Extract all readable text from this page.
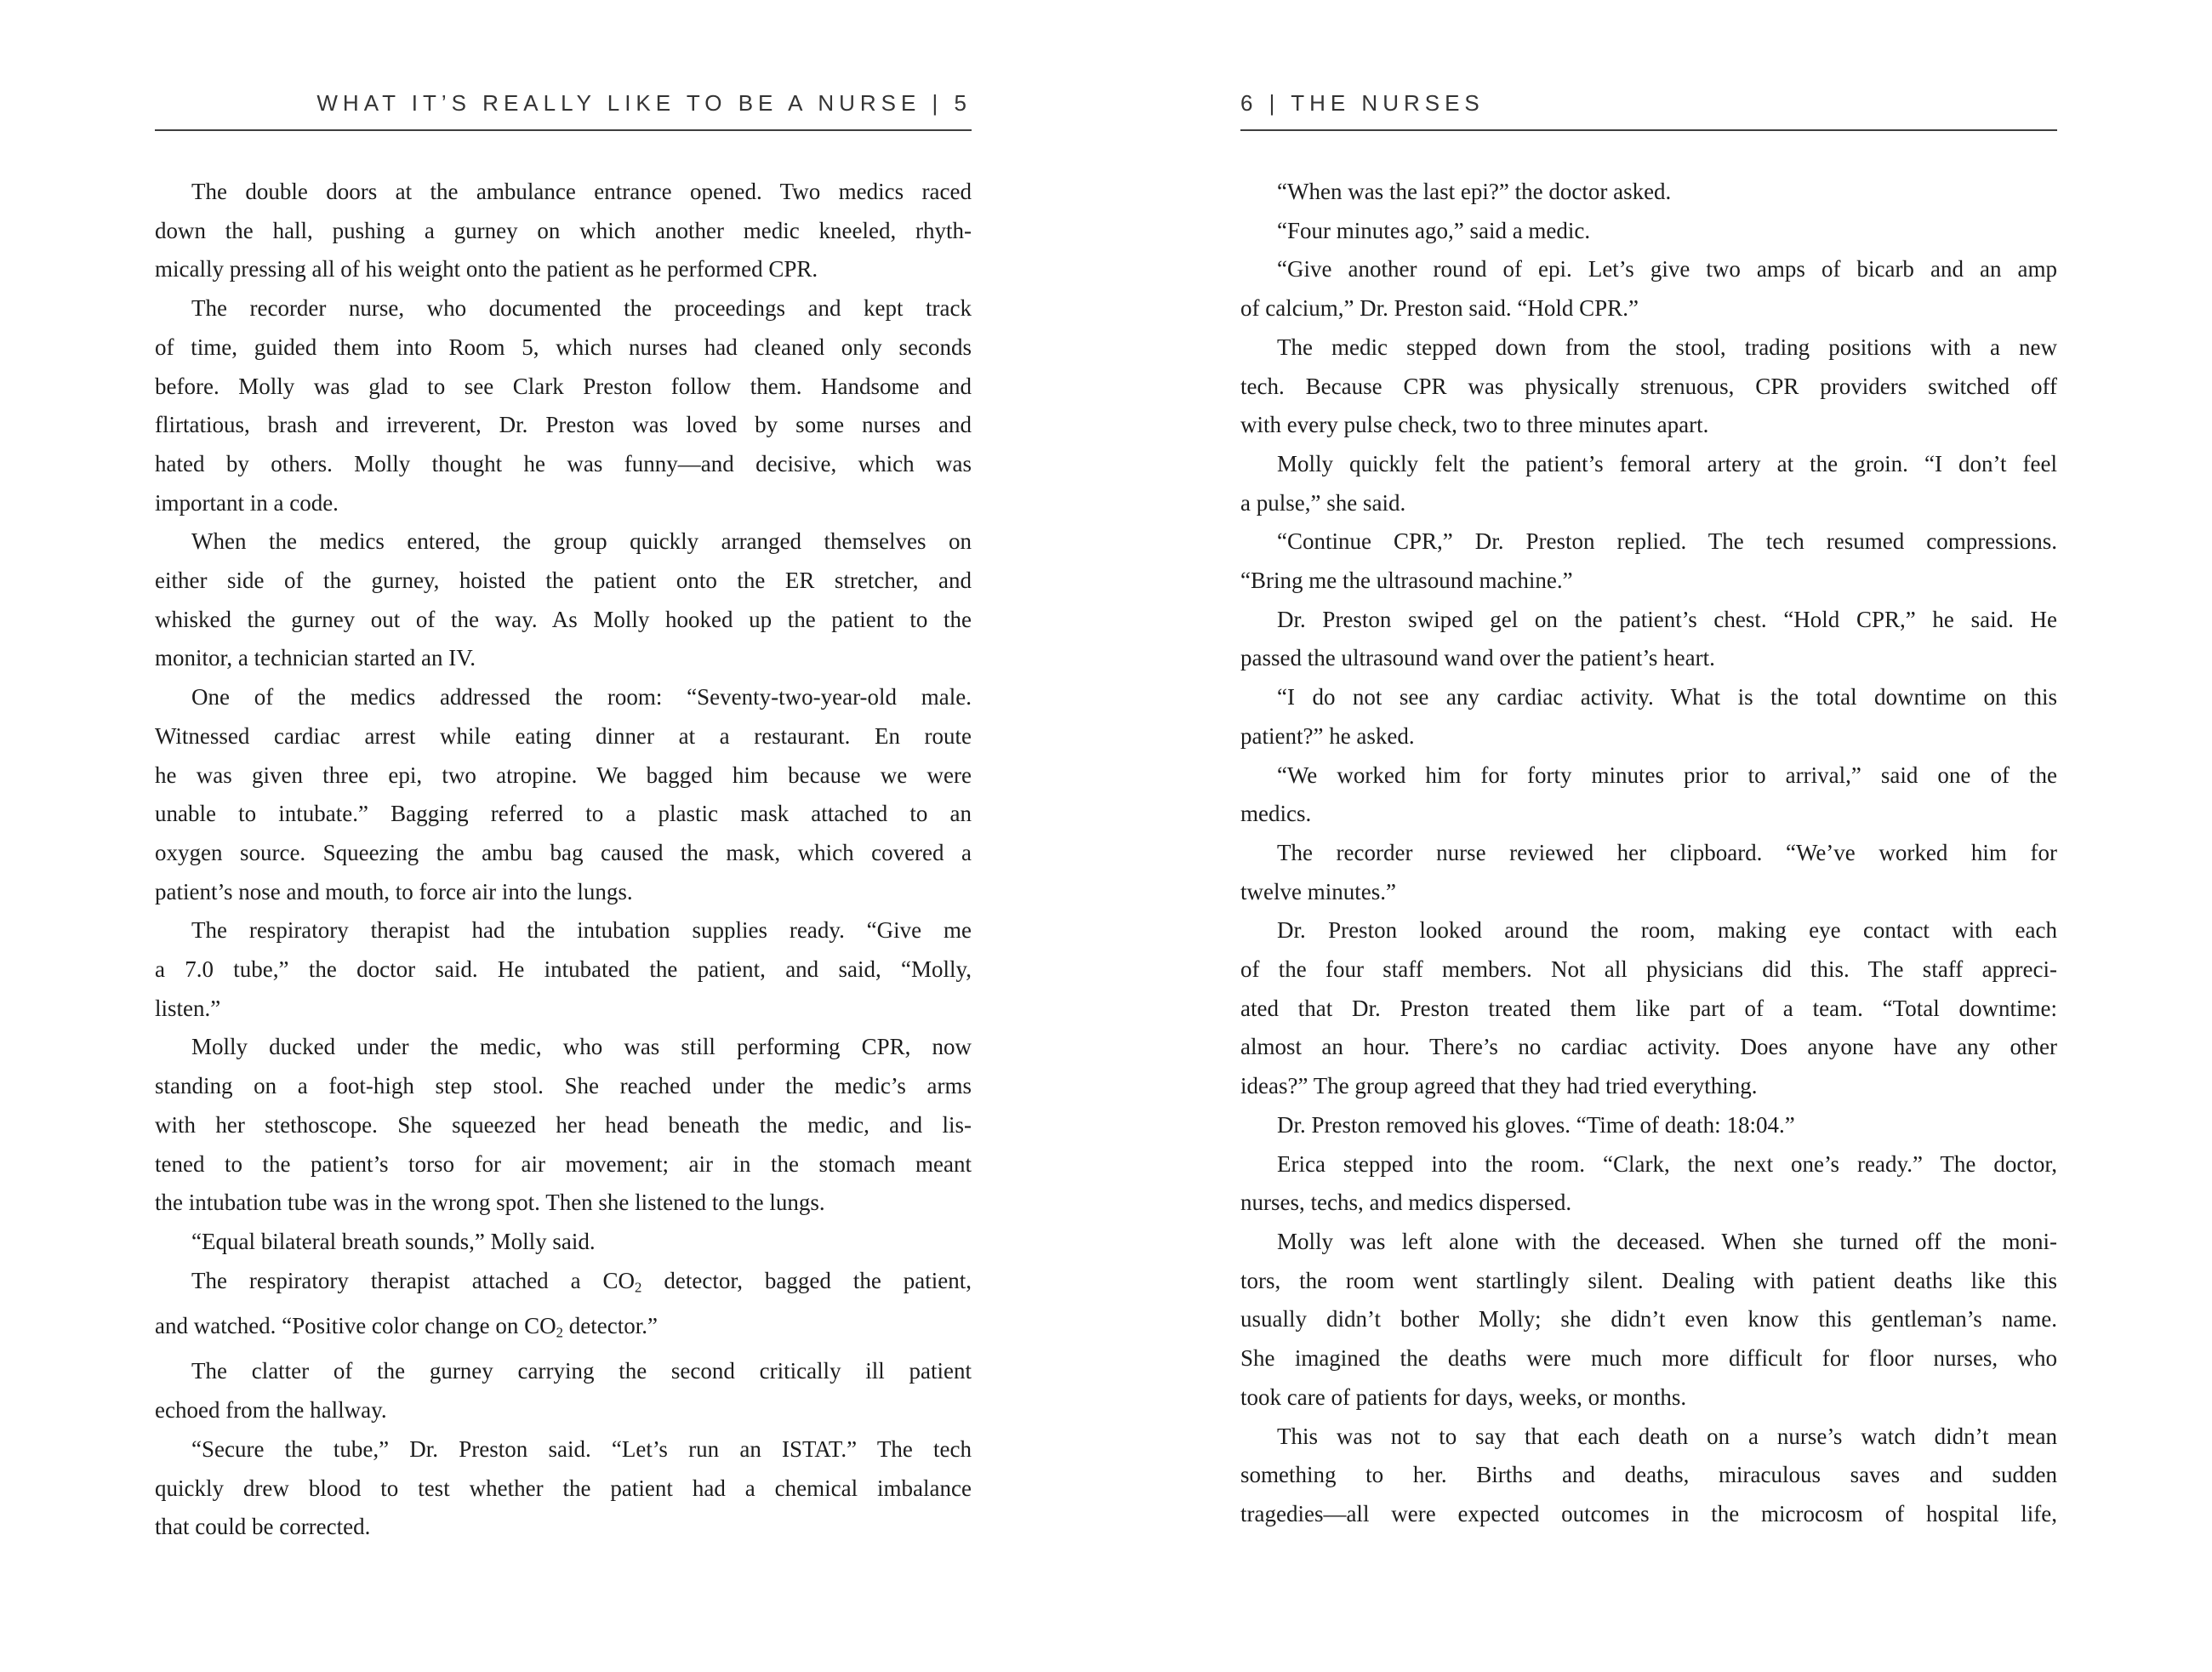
WHAT IT’S REALLY LIKE TO BE A NURSE | 5
The double doors at the ambulance entrance opened. Two medics raced
down the hall, pushing a gurney on which another medic kneeled, rhyth-
mically pressing all of his weight onto the patient as he performed CPR.
The recorder nurse, who documented the proceedings and kept track
of time, guided them into Room 5, which nurses had cleaned only seconds
before. Molly was glad to see Clark Preston follow them. Handsome and
flirtatious, brash and irreverent, Dr. Preston was loved by some nurses and
hated by others. Molly thought he was funny—and decisive, which was
important in a code.
When the medics entered, the group quickly arranged themselves on
either side of the gurney, hoisted the patient onto the ER stretcher, and
whisked the gurney out of the way. As Molly hooked up the patient to the
monitor, a technician started an IV.
One of the medics addressed the room: “Seventy-two-year-old male.
Witnessed cardiac arrest while eating dinner at a restaurant. En route
he was given three epi, two atropine. We bagged him because we were
unable to intubate.” Bagging referred to a plastic mask attached to an
oxygen source. Squeezing the ambu bag caused the mask, which covered a
patient’s nose and mouth, to force air into the lungs.
The respiratory therapist had the intubation supplies ready. “Give me
a 7.0 tube,” the doctor said. He intubated the patient, and said, “Molly,
listen.”
Molly ducked under the medic, who was still performing CPR, now
standing on a foot-high step stool. She reached under the medic’s arms
with her stethoscope. She squeezed her head beneath the medic, and lis-
tened to the patient’s torso for air movement; air in the stomach meant
the intubation tube was in the wrong spot. Then she listened to the lungs.
“Equal bilateral breath sounds,” Molly said.
The respiratory therapist attached a $CO_2$ detector, bagged the patient,
and watched. “Positive color change on $CO_2$ detector.”
The clatter of the gurney carrying the second critically ill patient
echoed from the hallway.
“Secure the tube,” Dr. Preston said. “Let’s run an ISTAT.” The tech
quickly drew blood to test whether the patient had a chemical imbalance
that could be corrected.
6 | THE NURSES
“When was the last epi?” the doctor asked.
“Four minutes ago,” said a medic.
“Give another round of epi. Let’s give two amps of bicarb and an amp
of calcium,” Dr. Preston said. “Hold CPR.”
The medic stepped down from the stool, trading positions with a new
tech. Because CPR was physically strenuous, CPR providers switched off
with every pulse check, two to three minutes apart.
Molly quickly felt the patient’s femoral artery at the groin. “I don’t feel
a pulse,” she said.
“Continue CPR,” Dr. Preston replied. The tech resumed compressions.
“Bring me the ultrasound machine.”
Dr. Preston swiped gel on the patient’s chest. “Hold CPR,” he said. He
passed the ultrasound wand over the patient’s heart.
“I do not see any cardiac activity. What is the total downtime on this
patient?” he asked.
“We worked him for forty minutes prior to arrival,” said one of the
medics.
The recorder nurse reviewed her clipboard. “We’ve worked him for
twelve minutes.”
Dr. Preston looked around the room, making eye contact with each
of the four staff members. Not all physicians did this. The staff appreci-
ated that Dr. Preston treated them like part of a team. “Total downtime:
almost an hour. There’s no cardiac activity. Does anyone have any other
ideas?” The group agreed that they had tried everything.
Dr. Preston removed his gloves. “Time of death: 18:04.”
Erica stepped into the room. “Clark, the next one’s ready.” The doctor,
nurses, techs, and medics dispersed.
Molly was left alone with the deceased. When she turned off the moni-
tors, the room went startlingly silent. Dealing with patient deaths like this
usually didn’t bother Molly; she didn’t even know this gentleman’s name.
She imagined the deaths were much more difficult for floor nurses, who
took care of patients for days, weeks, or months.
This was not to say that each death on a nurse’s watch didn’t mean
something to her. Births and deaths, miraculous saves and sudden
tragedies—all were expected outcomes in the microcosm of hospital life,
